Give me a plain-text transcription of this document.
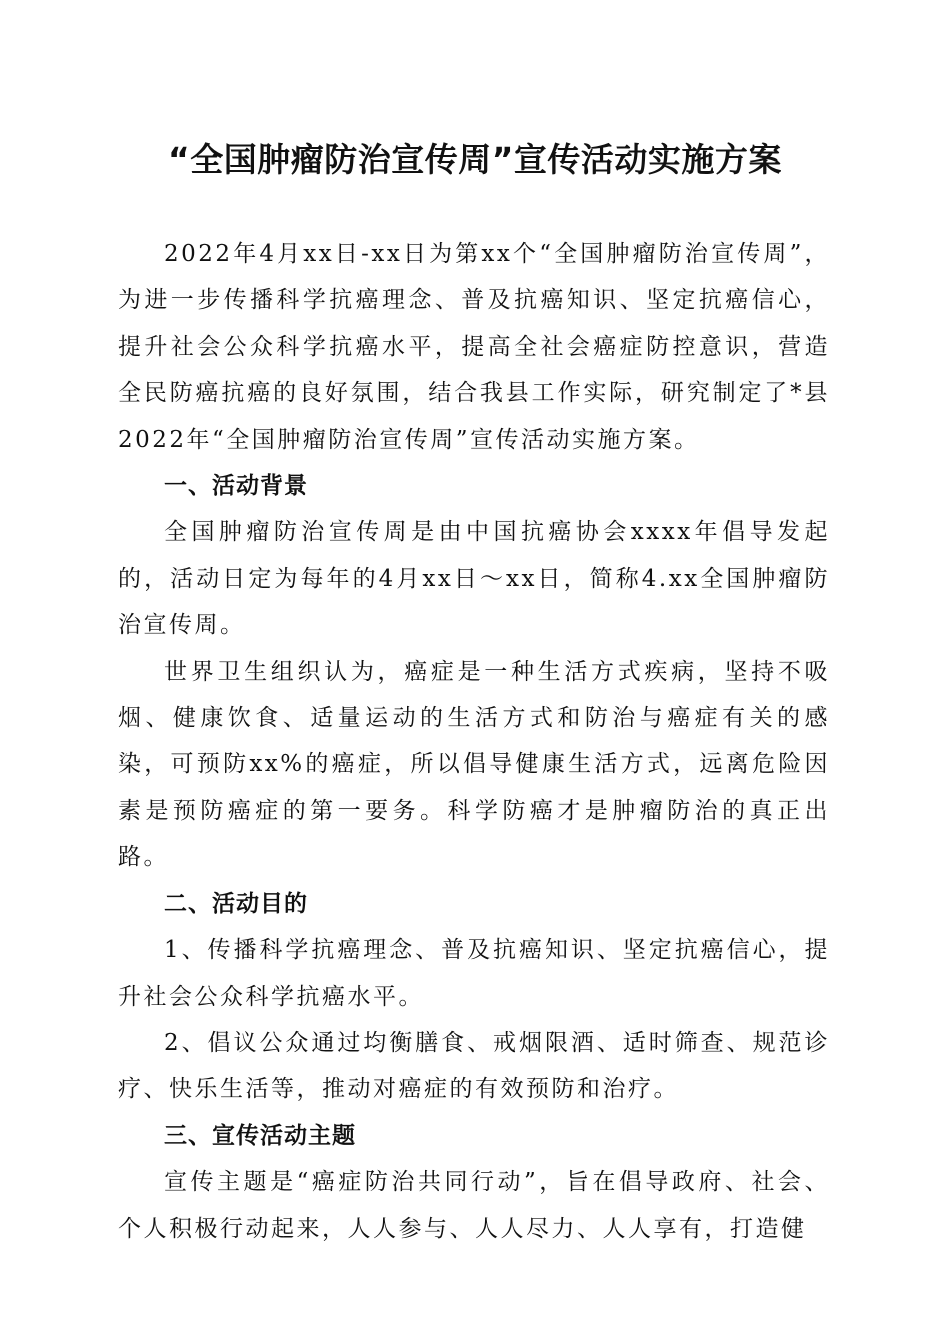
“全国肿瘤防治宣传周”宣传活动实施方案

2022年4月xx日-xx日为第xx个“全国肿瘤防治宣传周”，为进一步传播科学抗癌理念、普及抗癌知识、坚定抗癌信心，提升社会公众科学抗癌水平，提高全社会癌症防控意识，营造全民防癌抗癌的良好氛围，结合我县工作实际，研究制定了*县2022年“全国肿瘤防治宣传周”宣传活动实施方案。

一、活动背景

全国肿瘤防治宣传周是由中国抗癌协会xxxx年倡导发起的，活动日定为每年的4月xx日～xx日，简称4.xx全国肿瘤防治宣传周。

世界卫生组织认为，癌症是一种生活方式疾病，坚持不吸烟、健康饮食、适量运动的生活方式和防治与癌症有关的感染，可预防xx%的癌症，所以倡导健康生活方式，远离危险因素是预防癌症的第一要务。科学防癌才是肿瘤防治的真正出路。

二、活动目的

1、传播科学抗癌理念、普及抗癌知识、坚定抗癌信心，提升社会公众科学抗癌水平。

2、倡议公众通过均衡膳食、戒烟限酒、适时筛查、规范诊疗、快乐生活等，推动对癌症的有效预防和治疗。

三、宣传活动主题

宣传主题是“癌症防治共同行动”，旨在倡导政府、社会、个人积极行动起来，人人参与、人人尽力、人人享有，打造健
